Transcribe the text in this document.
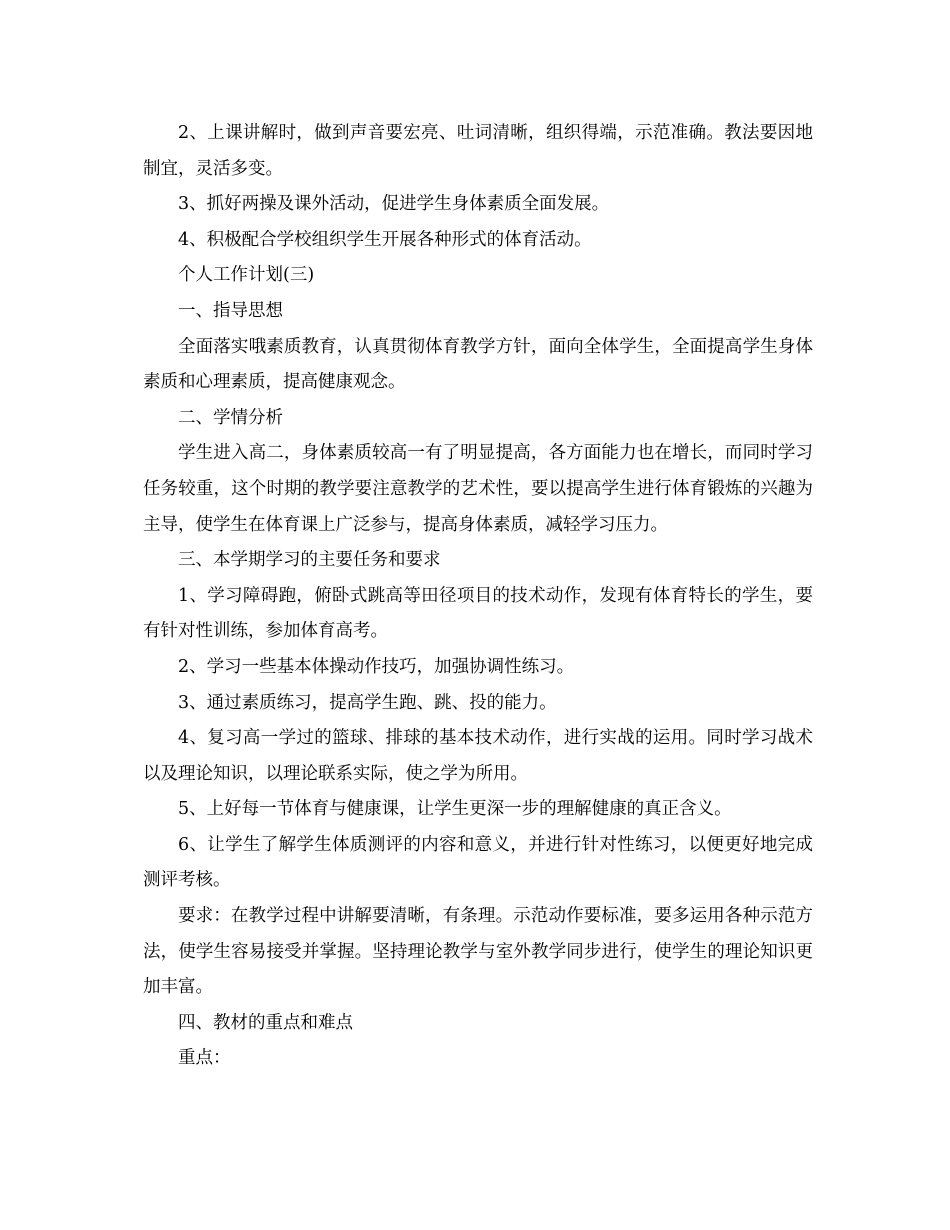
2、上课讲解时，做到声音要宏亮、吐词清晰，组织得端，示范准确。教法要因地制宜，灵活多变。

3、抓好两操及课外活动，促进学生身体素质全面发展。

4、积极配合学校组织学生开展各种形式的体育活动。

个人工作计划(三)

一、指导思想

全面落实哦素质教育，认真贯彻体育教学方针，面向全体学生，全面提高学生身体素质和心理素质，提高健康观念。

二、学情分析

学生进入高二，身体素质较高一有了明显提高，各方面能力也在增长，而同时学习任务较重，这个时期的教学要注意教学的艺术性，要以提高学生进行体育锻炼的兴趣为主导，使学生在体育课上广泛参与，提高身体素质，减轻学习压力。

三、本学期学习的主要任务和要求

1、学习障碍跑，俯卧式跳高等田径项目的技术动作，发现有体育特长的学生，要有针对性训练，参加体育高考。

2、学习一些基本体操动作技巧，加强协调性练习。

3、通过素质练习，提高学生跑、跳、投的能力。

4、复习高一学过的篮球、排球的基本技术动作，进行实战的运用。同时学习战术以及理论知识，以理论联系实际，使之学为所用。

5、上好每一节体育与健康课，让学生更深一步的理解健康的真正含义。

6、让学生了解学生体质测评的内容和意义，并进行针对性练习，以便更好地完成测评考核。

要求：在教学过程中讲解要清晰，有条理。示范动作要标准，要多运用各种示范方法，使学生容易接受并掌握。坚持理论教学与室外教学同步进行，使学生的理论知识更加丰富。

四、教材的重点和难点

重点：
